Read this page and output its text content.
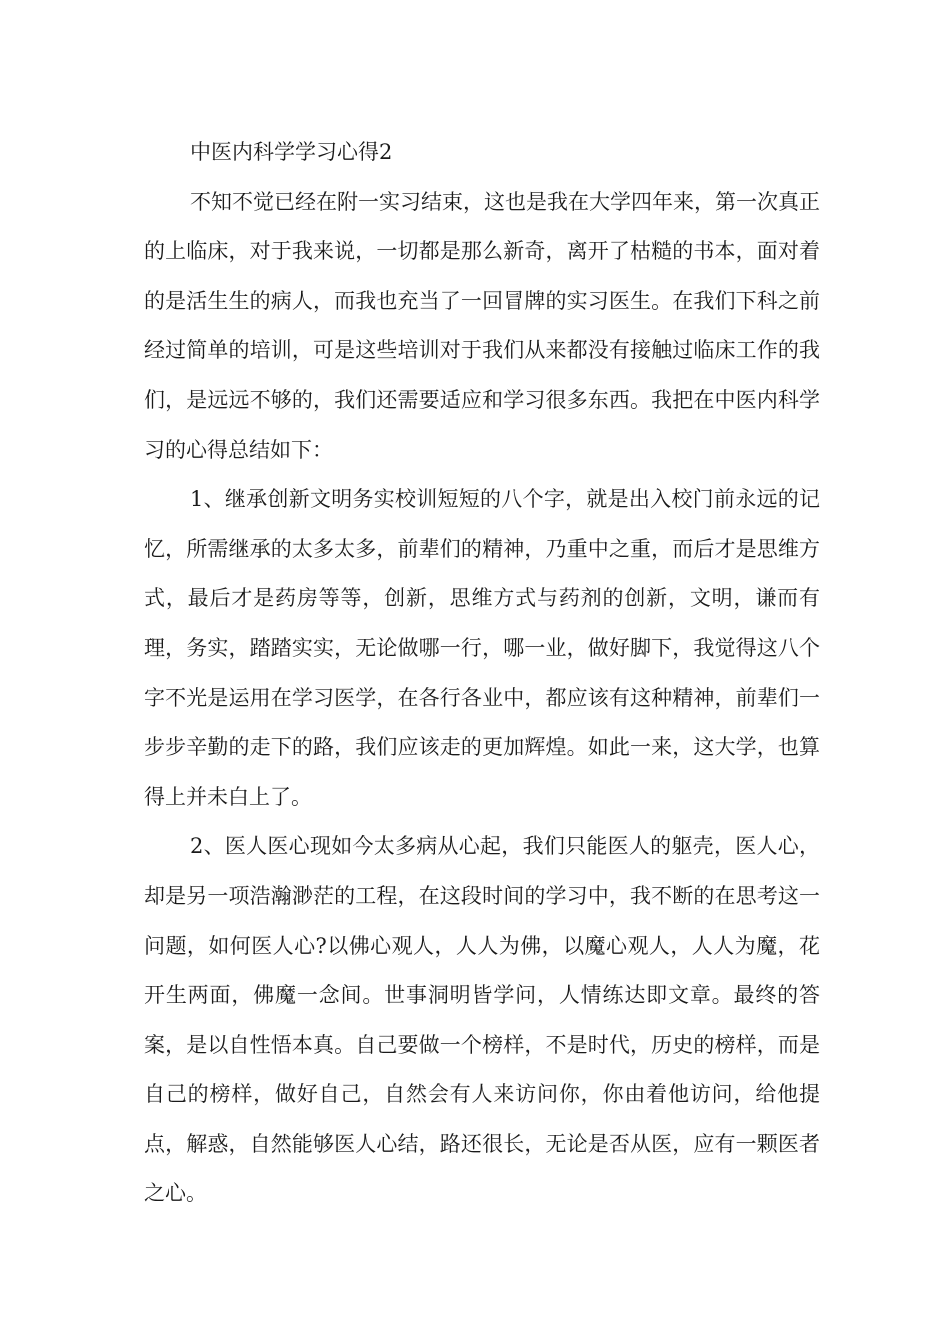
中医内科学学习心得2

不知不觉已经在附一实习结束，这也是我在大学四年来，第一次真正的上临床，对于我来说，一切都是那么新奇，离开了枯糙的书本，面对着的是活生生的病人，而我也充当了一回冒牌的实习医生。在我们下科之前经过简单的培训，可是这些培训对于我们从来都没有接触过临床工作的我们，是远远不够的，我们还需要适应和学习很多东西。我把在中医内科学习的心得总结如下：

1、继承创新文明务实校训短短的八个字，就是出入校门前永远的记忆，所需继承的太多太多，前辈们的精神，乃重中之重，而后才是思维方式，最后才是药房等等，创新，思维方式与药剂的创新，文明，谦而有理，务实，踏踏实实，无论做哪一行，哪一业，做好脚下，我觉得这八个字不光是运用在学习医学，在各行各业中，都应该有这种精神，前辈们一步步辛勤的走下的路，我们应该走的更加辉煌。如此一来，这大学，也算得上并未白上了。

2、医人医心现如今太多病从心起，我们只能医人的躯壳，医人心，却是另一项浩瀚渺茫的工程，在这段时间的学习中，我不断的在思考这一问题，如何医人心?以佛心观人，人人为佛，以魔心观人，人人为魔，花开生两面，佛魔一念间。世事洞明皆学问，人情练达即文章。最终的答案，是以自性悟本真。自己要做一个榜样，不是时代，历史的榜样，而是自己的榜样，做好自己，自然会有人来访问你，你由着他访问，给他提点，解惑，自然能够医人心结，路还很长，无论是否从医，应有一颗医者之心。
